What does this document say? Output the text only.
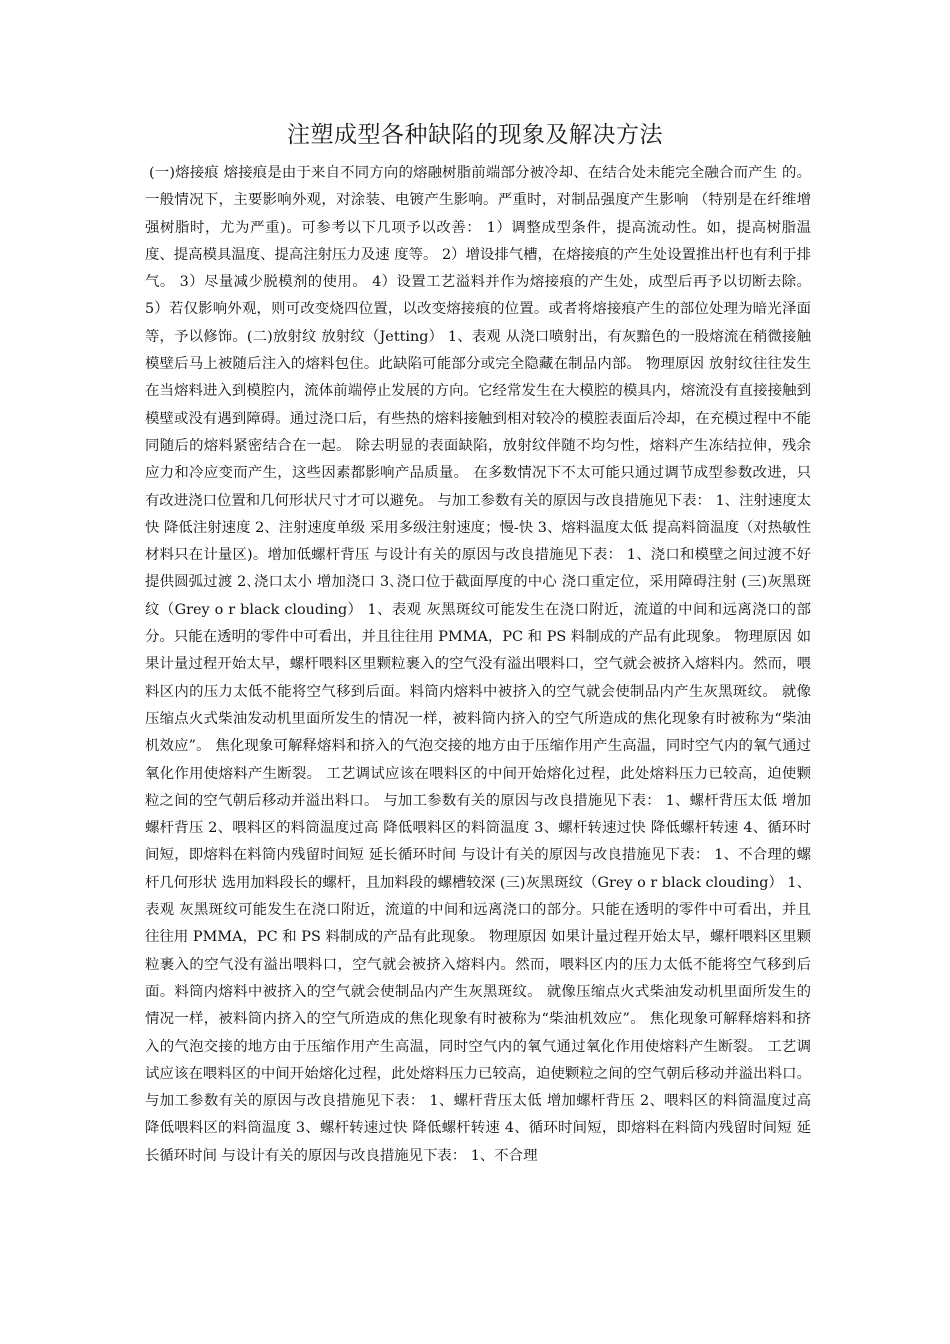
注塑成型各种缺陷的现象及解决方法
(一)熔接痕 熔接痕是由于来自不同方向的熔融树脂前端部分被冷却、在结合处未能完全融合而产生 的。一般情况下，主要影响外观，对涂装、电镀产生影响。严重时，对制品强度产生影响 （特别是在纤维增强树脂时，尤为严重)。可参考以下几项予以改善： 1）调整成型条件，提高流动性。如，提高树脂温度、提高模具温度、提高注射压力及速 度等。 2）增设排气槽，在熔接痕的产生处设置推出杆也有利于排气。 3）尽量减少脱模剂的使用。 4）设置工艺溢料并作为熔接痕的产生处，成型后再予以切断去除。 5）若仅影响外观，则可改变烧四位置，以改变熔接痕的位置。或者将熔接痕产生的部位处理为暗光泽面等，予以修饰。(二)放射纹 放射纹（Jetting） 1、表观 从浇口喷射出，有灰黯色的一股熔流在稍微接触模壁后马上被随后注入的熔料包住。此缺陷可能部分或完全隐藏在制品内部。 物理原因 放射纹往往发生在当熔料进入到模腔内，流体前端停止发展的方向。它经常发生在大模腔的模具内，熔流没有直接接触到模壁或没有遇到障碍。通过浇口后，有些热的熔料接触到相对较冷的模腔表面后冷却，在充模过程中不能同随后的熔料紧密结合在一起。 除去明显的表面缺陷，放射纹伴随不均匀性，熔料产生冻结拉伸，残余应力和冷应变而产生，这些因素都影响产品质量。 在多数情况下不太可能只通过调节成型参数改进，只有改进浇口位置和几何形状尺寸才可以避免。 与加工参数有关的原因与改良措施见下表： 1、注射速度太快 降低注射速度 2、注射速度单级 采用多级注射速度；慢-快 3、熔料温度太低 提高料筒温度（对热敏性材料只在计量区)。增加低螺杆背压 与设计有关的原因与改良措施见下表： 1、浇口和模壁之间过渡不好 提供圆弧过渡 2､浇口太小 增加浇口 3､浇口位于截面厚度的中心 浇口重定位，采用障碍注射 (三)灰黑斑纹（Grey o r black clouding） 1、表观 灰黑斑纹可能发生在浇口附近，流道的中间和远离浇口的部分。只能在透明的零件中可看出，并且往往用 PMMA，PC 和 PS 料制成的产品有此现象。 物理原因 如果计量过程开始太早，螺杆喂料区里颗粒裹入的空气没有溢出喂料口，空气就会被挤入熔料内。然而，喂料区内的压力太低不能将空气移到后面。料筒内熔料中被挤入的空气就会使制品内产生灰黑斑纹。 就像压缩点火式柴油发动机里面所发生的情况一样，被料筒内挤入的空气所造成的焦化现象有时被称为“柴油机效应”。 焦化现象可解释熔料和挤入的气泡交接的地方由于压缩作用产生高温，同时空气内的氧气通过氧化作用使熔料产生断裂。 工艺调试应该在喂料区的中间开始熔化过程，此处熔料压力已较高，迫使颗粒之间的空气朝后移动并溢出料口。 与加工参数有关的原因与改良措施见下表： 1、螺杆背压太低 增加螺杆背压 2、喂料区的料筒温度过高 降低喂料区的料筒温度 3、螺杆转速过快 降低螺杆转速 4、循环时间短，即熔料在料筒内残留时间短 延长循环时间 与设计有关的原因与改良措施见下表： 1、不合理的螺杆几何形状 选用加料段长的螺杆，且加料段的螺槽较深 (三)灰黑斑纹（Grey o r black clouding） 1、表观 灰黑斑纹可能发生在浇口附近，流道的中间和远离浇口的部分。只能在透明的零件中可看出，并且往往用 PMMA，PC 和 PS 料制成的产品有此现象。 物理原因 如果计量过程开始太早，螺杆喂料区里颗粒裹入的空气没有溢出喂料口，空气就会被挤入熔料内。然而，喂料区内的压力太低不能将空气移到后面。料筒内熔料中被挤入的空气就会使制品内产生灰黑斑纹。 就像压缩点火式柴油发动机里面所发生的情况一样，被料筒内挤入的空气所造成的焦化现象有时被称为“柴油机效应”。 焦化现象可解释熔料和挤入的气泡交接的地方由于压缩作用产生高温，同时空气内的氧气通过氧化作用使熔料产生断裂。 工艺调试应该在喂料区的中间开始熔化过程，此处熔料压力已较高，迫使颗粒之间的空气朝后移动并溢出料口。与加工参数有关的原因与改良措施见下表： 1、螺杆背压太低 增加螺杆背压 2、喂料区的料筒温度过高 降低喂料区的料筒温度 3、螺杆转速过快 降低螺杆转速 4、循环时间短，即熔料在料筒内残留时间短 延长循环时间 与设计有关的原因与改良措施见下表： 1、不合理
